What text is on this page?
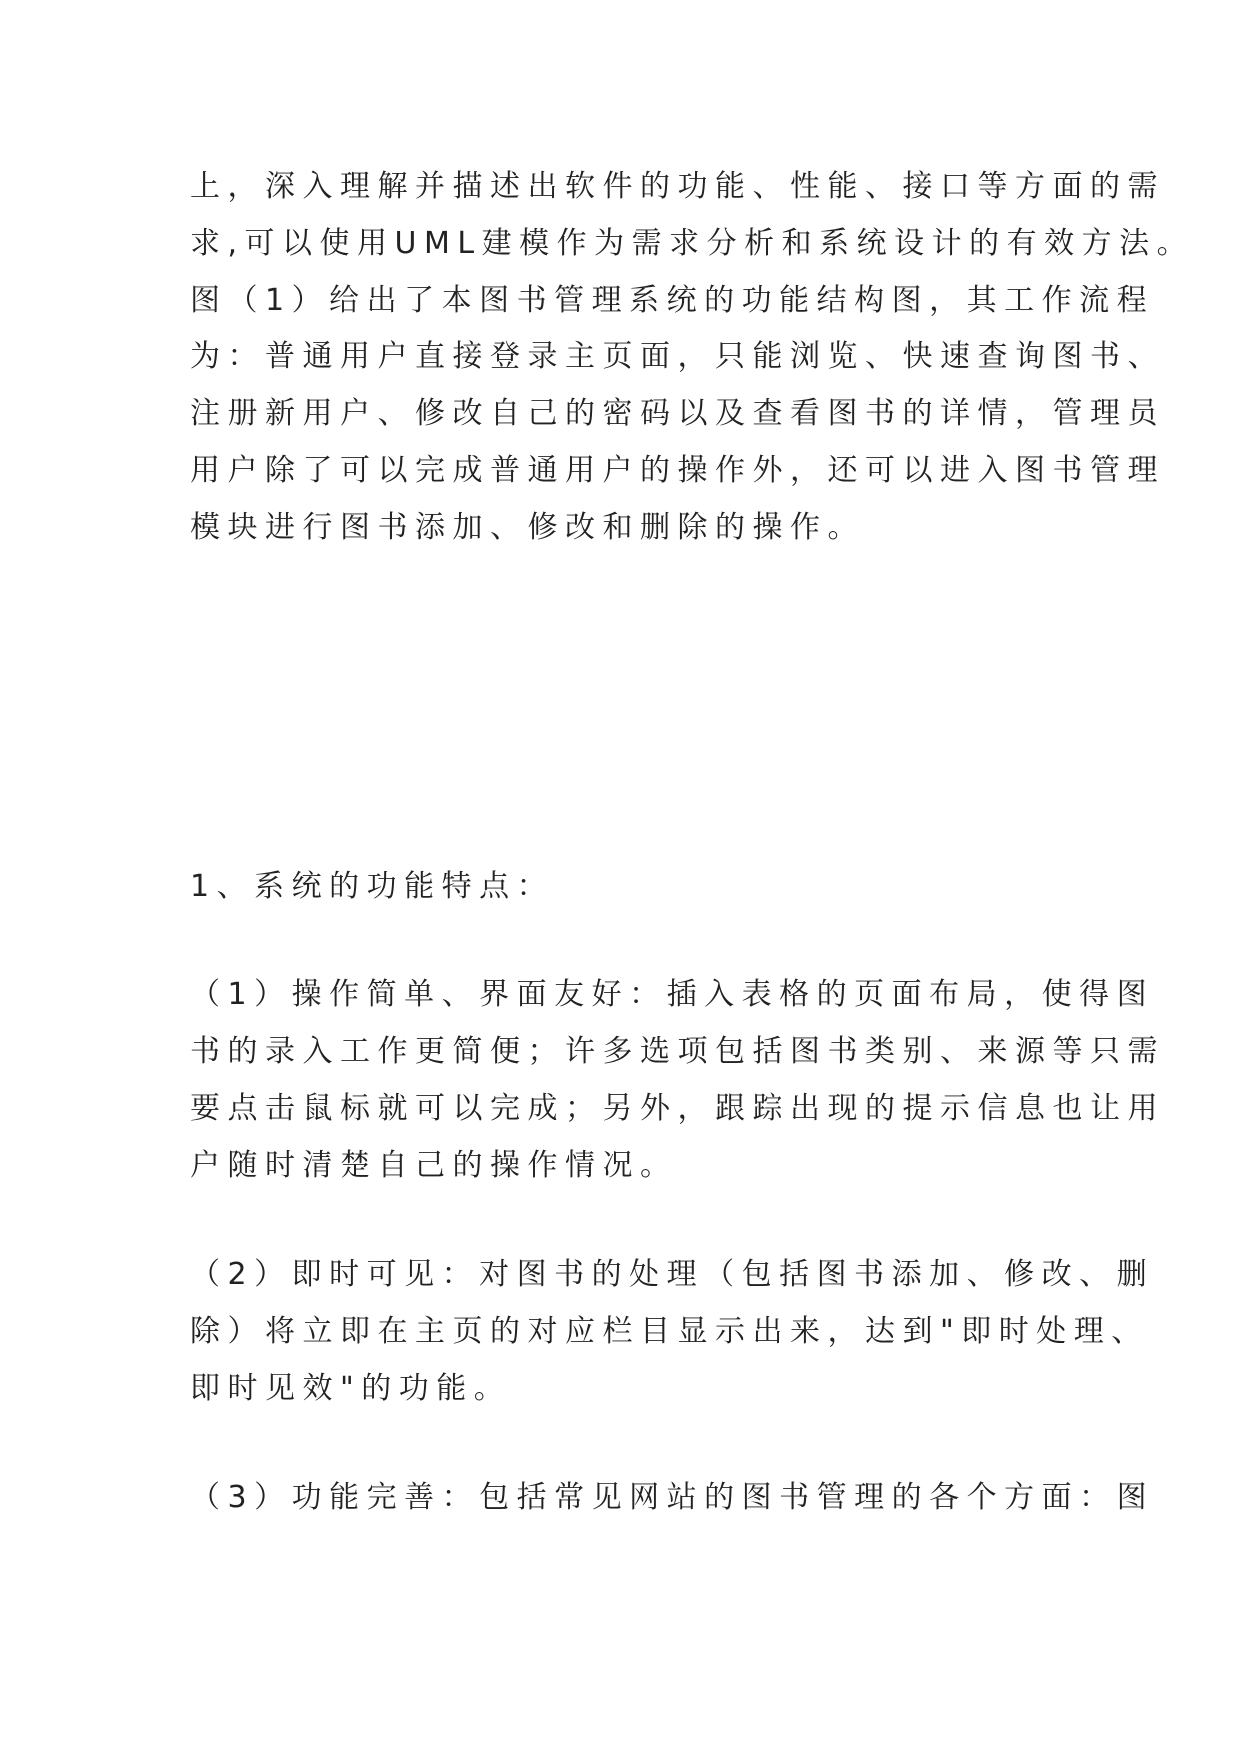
上，深入理解并描述出软件的功能、性能、接口等方面的需
求,可以使用UML建模作为需求分析和系统设计的有效方法。
图（1）给出了本图书管理系统的功能结构图，其工作流程
为：普通用户直接登录主页面，只能浏览、快速查询图书、
注册新用户、修改自己的密码以及查看图书的详情，管理员
用户除了可以完成普通用户的操作外，还可以进入图书管理
模块进行图书添加、修改和删除的操作。
1、系统的功能特点：
（1）操作简单、界面友好：插入表格的页面布局，使得图
书的录入工作更简便；许多选项包括图书类别、来源等只需
要点击鼠标就可以完成；另外，跟踪出现的提示信息也让用
户随时清楚自己的操作情况。
（2）即时可见：对图书的处理（包括图书添加、修改、删
除）将立即在主页的对应栏目显示出来，达到"即时处理、
即时见效"的功能。
（3）功能完善：包括常见网站的图书管理的各个方面：图
